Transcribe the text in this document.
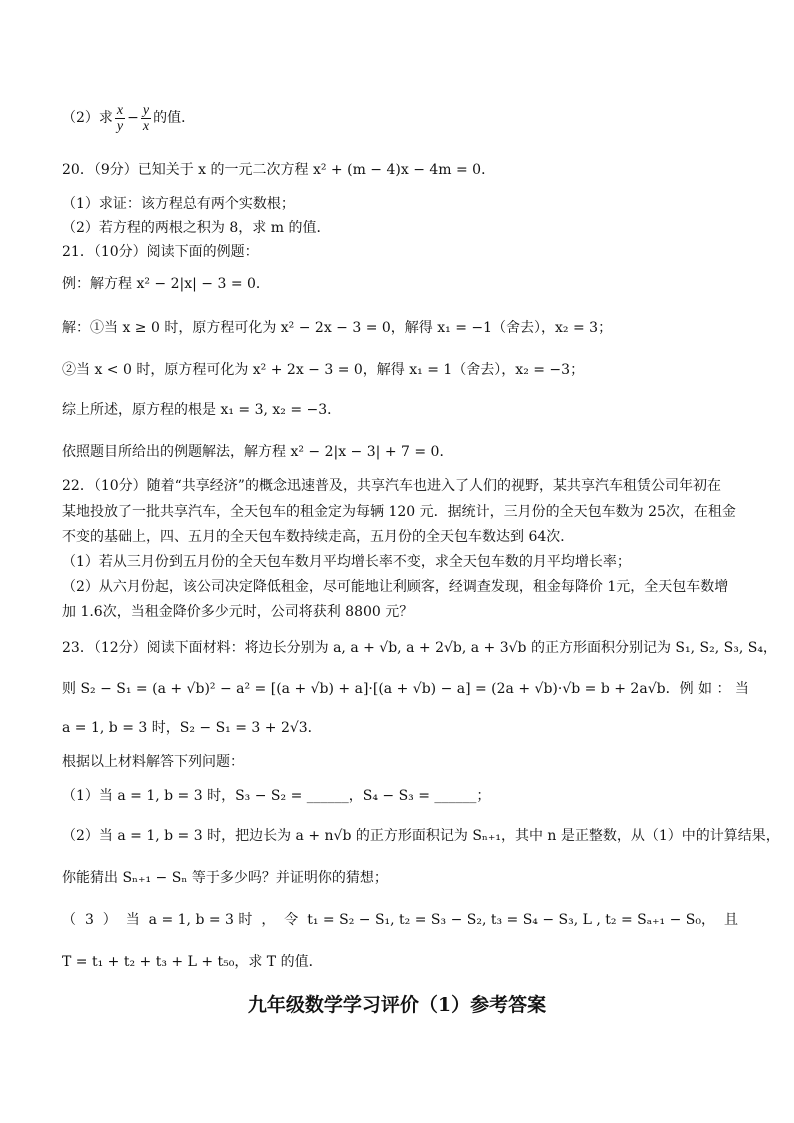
（2）求 $\frac{x}{y} - \frac{y}{x}$ 的值．
20．（9分）已知关于 x 的一元二次方程 x² + (m − 4)x − 4m = 0．
（1）求证：该方程总有两个实数根；
（2）若方程的两根之积为 8，求 m 的值．
21．（10分）阅读下面的例题：
例：解方程 x² − 2|x| − 3 = 0．
解：①当 x ≥ 0 时，原方程可化为 x² − 2x − 3 = 0，解得 x₁ = −1（舍去），x₂ = 3；
②当 x < 0 时，原方程可化为 x² + 2x − 3 = 0，解得 x₁ = 1（舍去），x₂ = −3；
综上所述，原方程的根是 x₁ = 3, x₂ = −3．
依照题目所给出的例题解法，解方程 x² − 2|x − 3| + 7 = 0．
22．（10分）随着“共享经济”的概念迅速普及，共享汽车也进入了人们的视野，某共享汽车租赁公司年初在
某地投放了一批共享汽车，全天包车的租金定为每辆 120 元．据统计，三月份的全天包车数为 25次，在租金
不变的基础上，四、五月的全天包车数持续走高，五月份的全天包车数达到 64次．
（1）若从三月份到五月份的全天包车数月平均增长率不变，求全天包车数的月平均增长率；
（2）从六月份起，该公司决定降低租金，尽可能地让利顾客，经调查发现，租金每降价 1元，全天包车数增
加 1.6次，当租金降价多少元时，公司将获利 8800 元？
23．（12分）阅读下面材料：将边长分别为 a, a + √b, a + 2√b, a + 3√b 的正方形面积分别记为 S₁, S₂, S₃, S₄，
则 S₂ − S₁ = (a + √b)² − a² = [(a + √b) + a]·[(a + √b) − a] = (2a + √b)·√b = b + 2a√b． 例 如 ： 当
a = 1, b = 3 时，S₂ − S₁ = 3 + 2√3．
根据以上材料解答下列问题：
（1）当 a = 1, b = 3 时，S₃ − S₂ = ______，S₄ − S₃ = ______；
（2）当 a = 1, b = 3 时，把边长为 a + n√b 的正方形面积记为 Sₙ₊₁，其中 n 是正整数，从（1）中的计算结果，
你能猜出 Sₙ₊₁ − Sₙ 等于多少吗？并证明你的猜想；
（ 3 ） 当 a = 1, b = 3 时 ， 令 t₁ = S₂ − S₁, t₂ = S₃ − S₂, t₃ = S₄ − S₃, L , t₂ = Sₐ₊₁ − S₀， 且
T = t₁ + t₂ + t₃ + L + t₅₀，求 T 的值．
九年级数学学习评价（1）参考答案
